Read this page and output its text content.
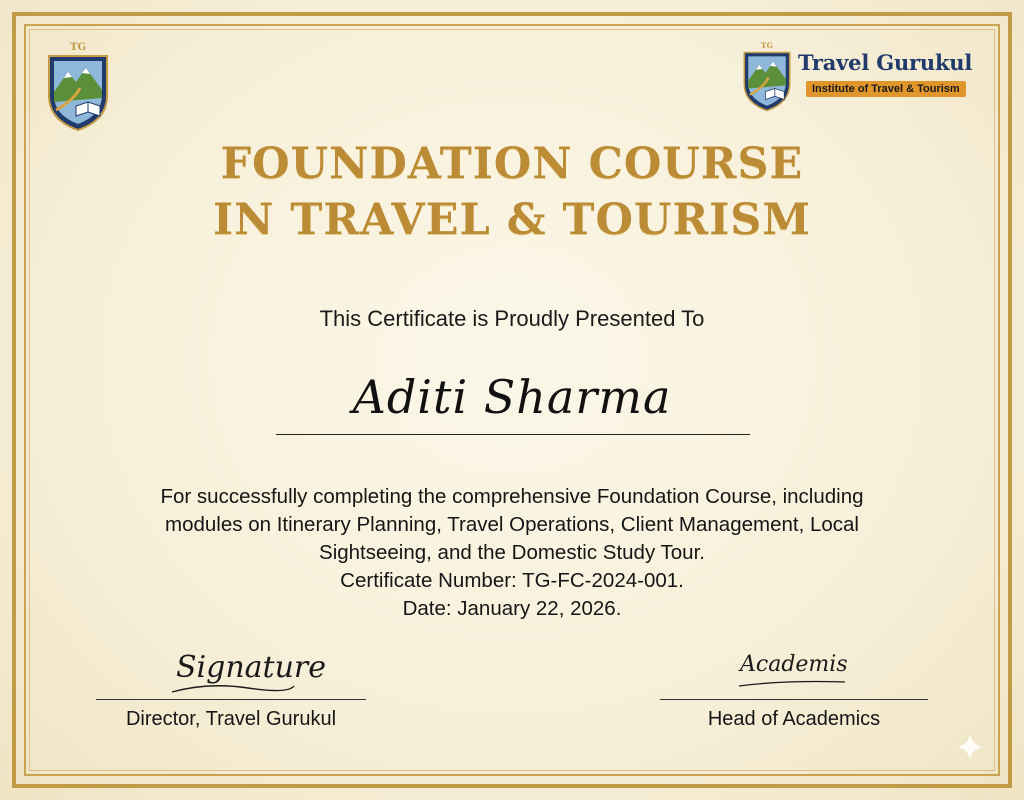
TG	TG
Travel Gurukul
Institute of Travel & Tourism
FOUNDATION COURSE
IN TRAVEL & TOURISM
This Certificate is Proudly Presented To
Aditi Sharma
For successfully completing the comprehensive Foundation Course, including
modules on Itinerary Planning, Travel Operations, Client Management, Local
Sightseeing, and the Domestic Study Tour.
Certificate Number: TG-FC-2024-001.
Date: January 22, 2026.
Signature
Director, Travel Gurukul
Academis
Head of Academics
